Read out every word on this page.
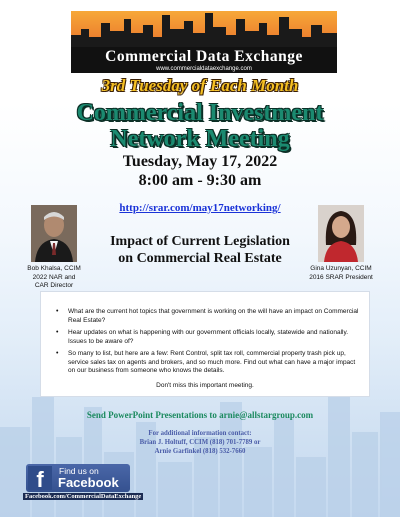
Commercial Data Exchange
www.commercialdataexchange.com
3rd Tuesday of Each Month
Commercial Investment
Network Meeting
Tuesday, May 17, 2022
8:00 am - 9:30 am
http://srar.com/may17networking/
Bob Khalsa, CCIM
2022 NAR and
CAR Director
Gina Uzunyan, CCIM
2016 SRAR President
Impact of Current Legislation
on Commercial Real Estate
• What are the current hot topics that government is working on the will have an impact on Commercial Real Estate?
• Hear updates on what is happening with our government officials locally, statewide and nationally. Issues to be aware of?
• So many to list, but here are a few: Rent Control, split tax roll, commercial property trash pick up, service sales tax on agents and brokers, and so much more. Find out what can have a major impact on our business from someone who knows the details.
Don't miss this important meeting.
Send PowerPoint Presentations to arnie@allstargroup.com
For additional information contact:
Brian J. Holtuff, CCIM (818) 701-7789 or
Arnie Garfinkel (818) 532-7660
f	Find us on
Facebook
Facebook.com/CommercialDataExchange
